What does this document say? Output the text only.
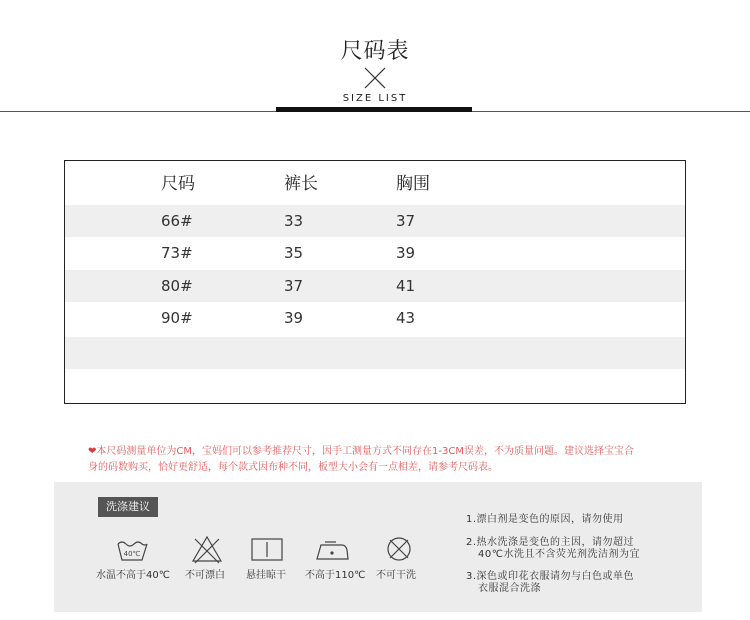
尺码表
SIZE LIST
尺码	裤长	胸围
66#	33	37
73#	35	39
80#	37	41
90#	39	43
❤本尺码测量单位为CM，宝妈们可以参考推荐尺寸，因手工测量方式不同存在1-3CM误差，不为质量问题。建议选择宝宝合
身的码数购买，恰好更舒适，每个款式因布种不同，板型大小会有一点相差，请参考尺码表。
洗涤建议
40℃
水温不高于40℃ 不可漂白 悬挂晾干 不高于110℃ 不可干洗
1.漂白剂是变色的原因，请勿使用
2.热水洗涤是变色的主因，请勿超过
40℃水洗且不含荧光剂洗洁剂为宜
3.深色或印花衣服请勿与白色或单色
衣服混合洗涤
